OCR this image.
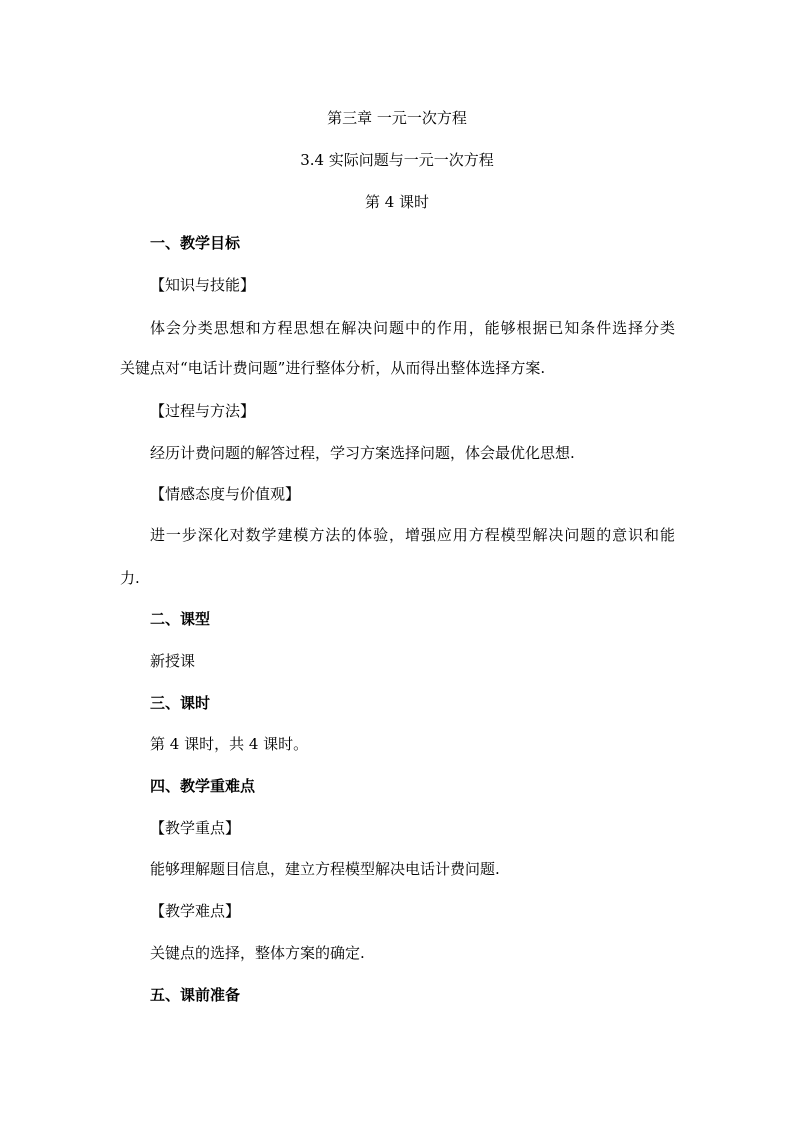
第三章 一元一次方程
3.4 实际问题与一元一次方程
第 4 课时
一、教学目标
【知识与技能】
体会分类思想和方程思想在解决问题中的作用，能够根据已知条件选择分类
关键点对“电话计费问题”进行整体分析，从而得出整体选择方案.
【过程与方法】
经历计费问题的解答过程，学习方案选择问题，体会最优化思想.
【情感态度与价值观】
进一步深化对数学建模方法的体验，增强应用方程模型解决问题的意识和能
力.
二、课型
新授课
三、课时
第 4 课时，共 4 课时。
四、教学重难点
【教学重点】
能够理解题目信息，建立方程模型解决电话计费问题.
【教学难点】
关键点的选择，整体方案的确定.
五、课前准备
